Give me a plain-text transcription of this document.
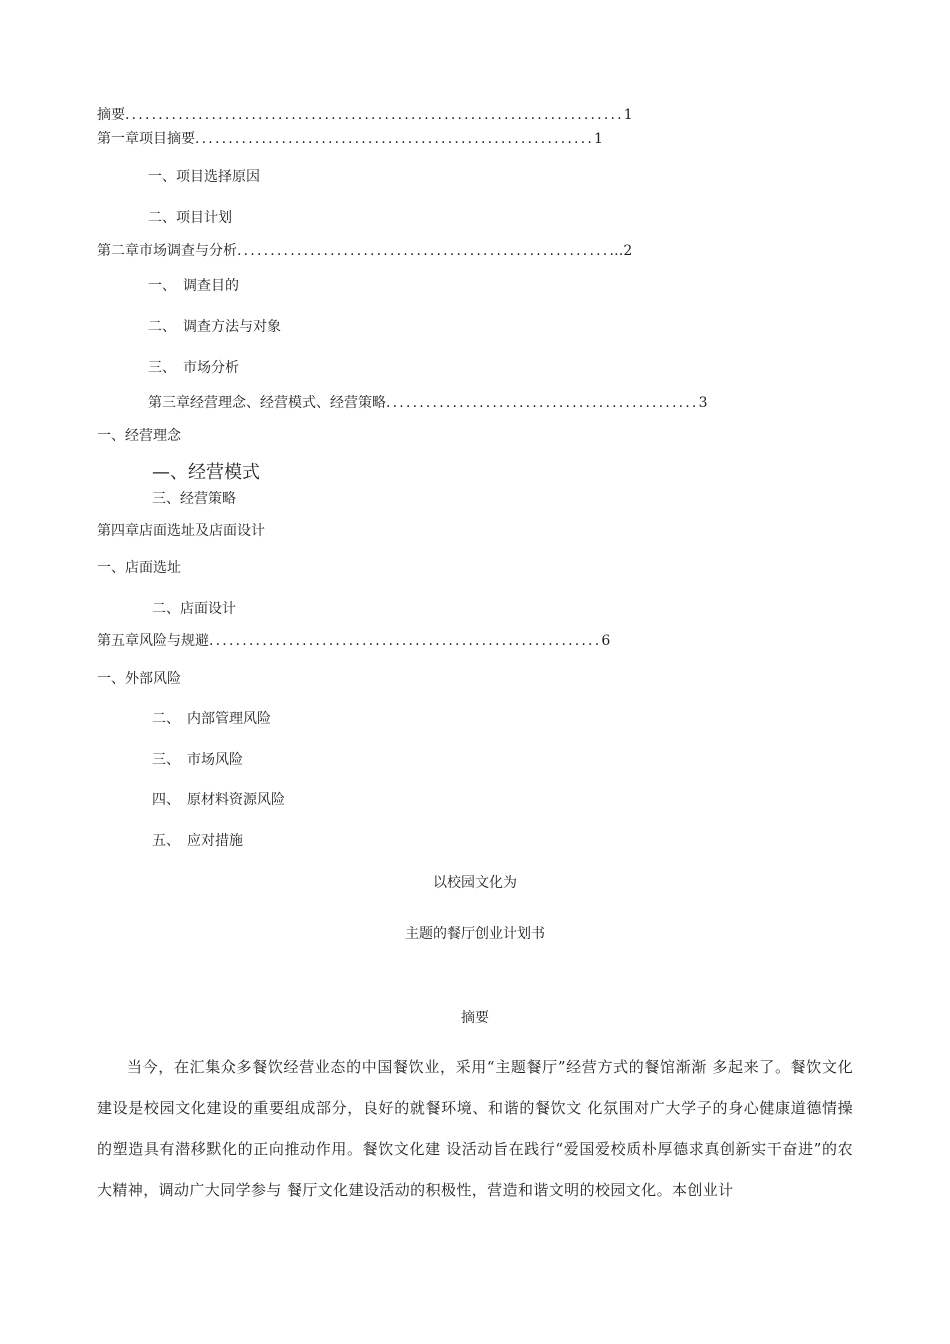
摘要...........................................................................1
第一章项目摘要............................................................1
一、项目选择原因
二、项目计划
第二章市场调查与分析........................................................…2
一、　调查目的
二、　调查方法与对象
三、　市场分析
第三章经营理念、经营模式、经营策略...............................................3
一、经营理念
—、经营模式
三、经营策略
第四章店面选址及店面设计
一、店面选址
二、店面设计
第五章风险与规避...........................................................6
一、外部风险
二、　内部管理风险
三、　市场风险
四、　原材料资源风险
五、　应对措施
以校园文化为
主题的餐厅创业计划书
摘要
当今，在汇集众多餐饮经营业态的中国餐饮业，采用“主题餐厅”经营方式的餐馆渐渐 多起来了。餐饮文化建设是校园文化建设的重要组成部分，良好的就餐环境、和谐的餐饮文 化氛围对广大学子的身心健康道德情操的塑造具有潜移默化的正向推动作用。餐饮文化建 设活动旨在践行“爱国爱校质朴厚德求真创新实干奋进”的农大精神，调动广大同学参与 餐厅文化建设活动的积极性，营造和谐文明的校园文化。本创业计
